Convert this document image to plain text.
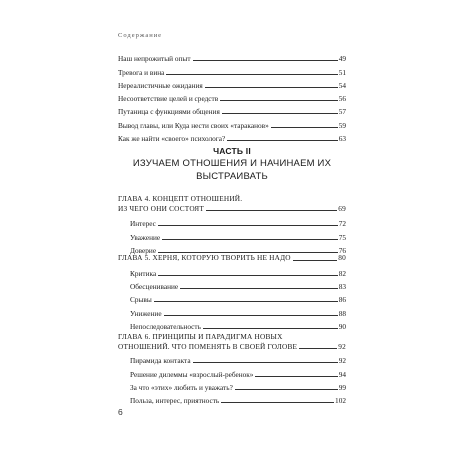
Содержание
Наш непрожитый опыт	49
Тревога и вина	51
Нереалистичные ожидания	54
Несоответствие целей и средств	56
Путаница с функциями общения	57
Вывод главы, или Куда нести своих «тараканов»	59
Как же найти «своего» психолога?	63
ЧАСТЬ II
ИЗУЧАЕМ ОТНОШЕНИЯ И НАЧИНАЕМ ИХ
ВЫСТРАИВАТЬ
ГЛАВА 4. КОНЦЕПТ ОТНОШЕНИЙ.
ИЗ ЧЕГО ОНИ СОСТОЯТ	69
Интерес	72
Уважение	75
Доверие	76
ГЛАВА 5. ХЕРНЯ, КОТОРУЮ ТВОРИТЬ НЕ НАДО	80
Критика	82
Обесценивание	83
Срывы	86
Унижение	88
Непоследовательность	90
ГЛАВА 6. ПРИНЦИПЫ И ПАРАДИГМА НОВЫХ
ОТНОШЕНИЙ. ЧТО ПОМЕНЯТЬ В СВОЕЙ ГОЛОВЕ	92
Пирамида контакта	92
Решение дилеммы «взрослый-ребенок»	94
За что «этих» любить и уважать?	99
Польза, интерес, приятность	102
6
